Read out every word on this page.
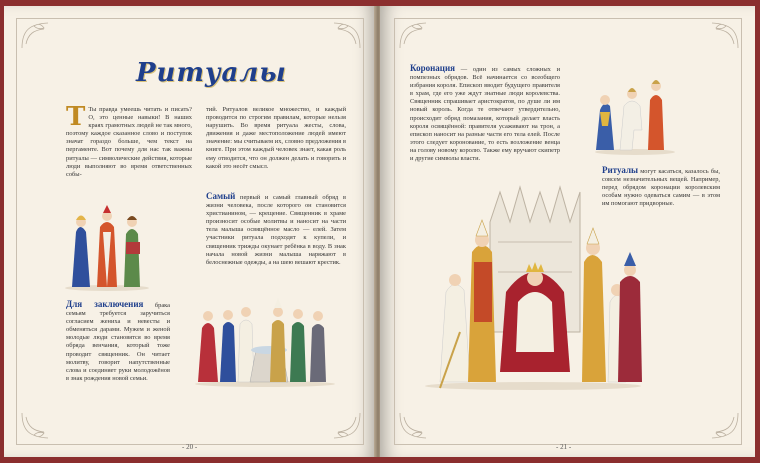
Ритуалы
Т Ты правда умеешь читать и писать? О, это ценные навыки! В наших краях грамотных людей не так много, поэтому каждое сказанное слово и поступок значат гораздо больше, чем текст на пергаменте. Вот почему для нас так важны ритуалы — символические действия, которые люди выполняют во время ответственных собы-
тий. Ритуалов великое множество, и каждый проводится по строгим правилам, которые нельзя нарушить. Во время ритуала жесты, слова, движения и даже местоположение людей имеют значение: мы считываем их, словно предложения в книге. При этом каждый человек знает, какая роль ему отводится, что он должен делать и говорить и какой это несёт смысл.
Для заключения брака семьям требуется заручиться согласием жениха и невесты и обменяться дарами. Мужем и женой молодые люди становятся во время обряда венчания, который тоже проводит священник. Он читает молитву, говорит напутственные слова и соединяет руки молодожёнов в знак рождения новой семьи.
Самый первый и самый главный обряд в жизни человека, после которого он становится христианином, — крещение. Священник в храме произносит особые молитвы и наносит на части тела малыша освящённое масло — елей. Затем участники ритуала подходят к купели, и священник трижды окунает ребёнка в воду. В знак начала новой жизни малыша наряжают в белоснежные одежды, а на шею вешают крестик.
- 20 -
Коронация — один из самых сложных и помпезных обрядов. Всё начинается со всеобщего избрания короля. Епископ вводит будущего правителя в храм, где его уже ждут знатные люди королевства. Священник спрашивает аристократов, по душе ли им новый король. Когда те отвечают утвердительно, происходит обряд помазания, который делает власть короля освящённой: правителя усаживают на трон, а епископ наносит на разные части его тела елей. После этого следует коронование, то есть возложение венца на голову новому королю. Также ему вручают скипетр и другие символы власти.
Ритуалы могут касаться, казалось бы, совсем незначительных вещей. Например, перед обрядом коронации королевским особам нужно одеваться самим — в этом им помогают придворные.
- 21 -
